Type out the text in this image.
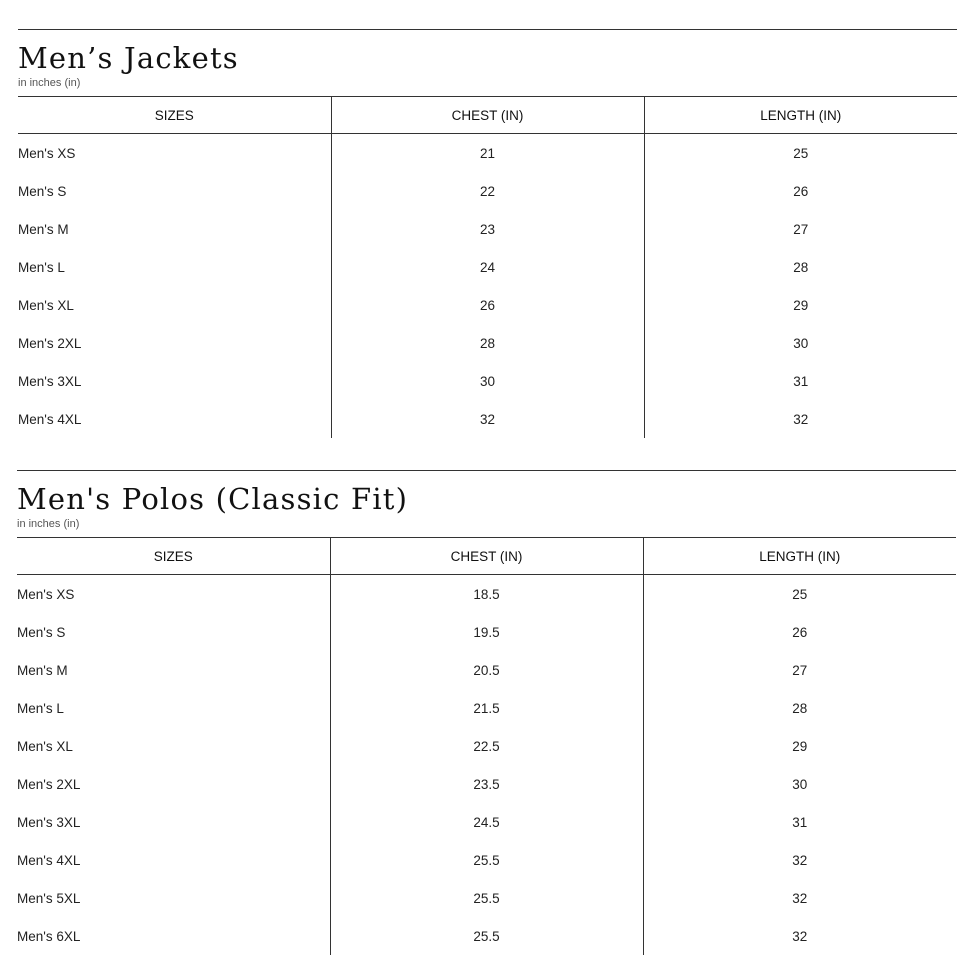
Men’s Jackets
in inches (in)
SIZES	CHEST (IN)	LENGTH (IN)
Men's XS	21	25
Men's S	22	26
Men's M	23	27
Men's L	24	28
Men's XL	26	29
Men's 2XL	28	30
Men's 3XL	30	31
Men's 4XL	32	32
Men's Polos (Classic Fit)
in inches (in)
SIZES	CHEST (IN)	LENGTH (IN)
Men's XS	18.5	25
Men's S	19.5	26
Men's M	20.5	27
Men's L	21.5	28
Men's XL	22.5	29
Men's 2XL	23.5	30
Men's 3XL	24.5	31
Men's 4XL	25.5	32
Men's 5XL	25.5	32
Men's 6XL	25.5	32
